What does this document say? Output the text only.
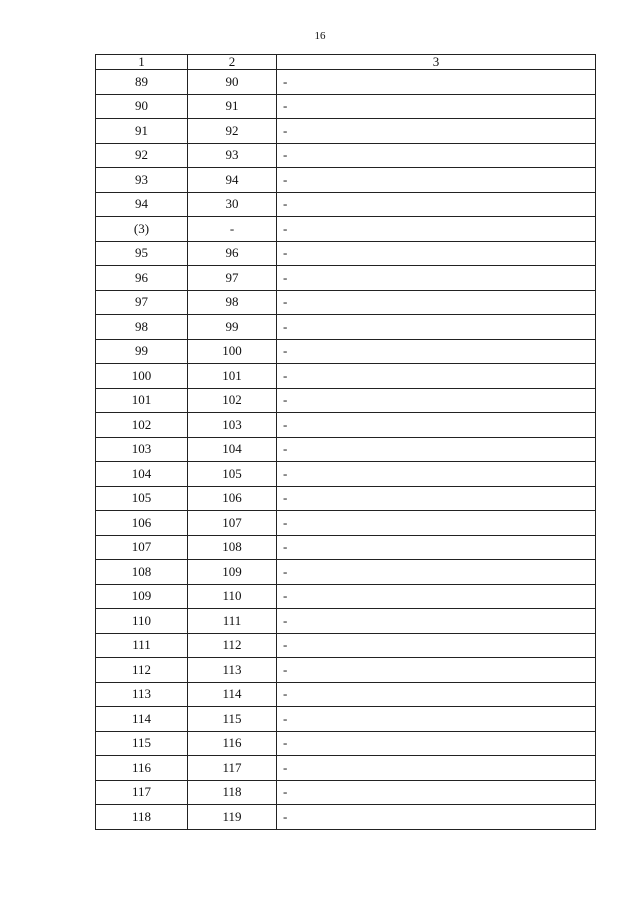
16
1	2	3
89	90	-
90	91	-
91	92	-
92	93	-
93	94	-
94	30	-
(3)	-	-
95	96	-
96	97	-
97	98	-
98	99	-
99	100	-
100	101	-
101	102	-
102	103	-
103	104	-
104	105	-
105	106	-
106	107	-
107	108	-
108	109	-
109	110	-
110	111	-
111	112	-
112	113	-
113	114	-
114	115	-
115	116	-
116	117	-
117	118	-
118	119	-
